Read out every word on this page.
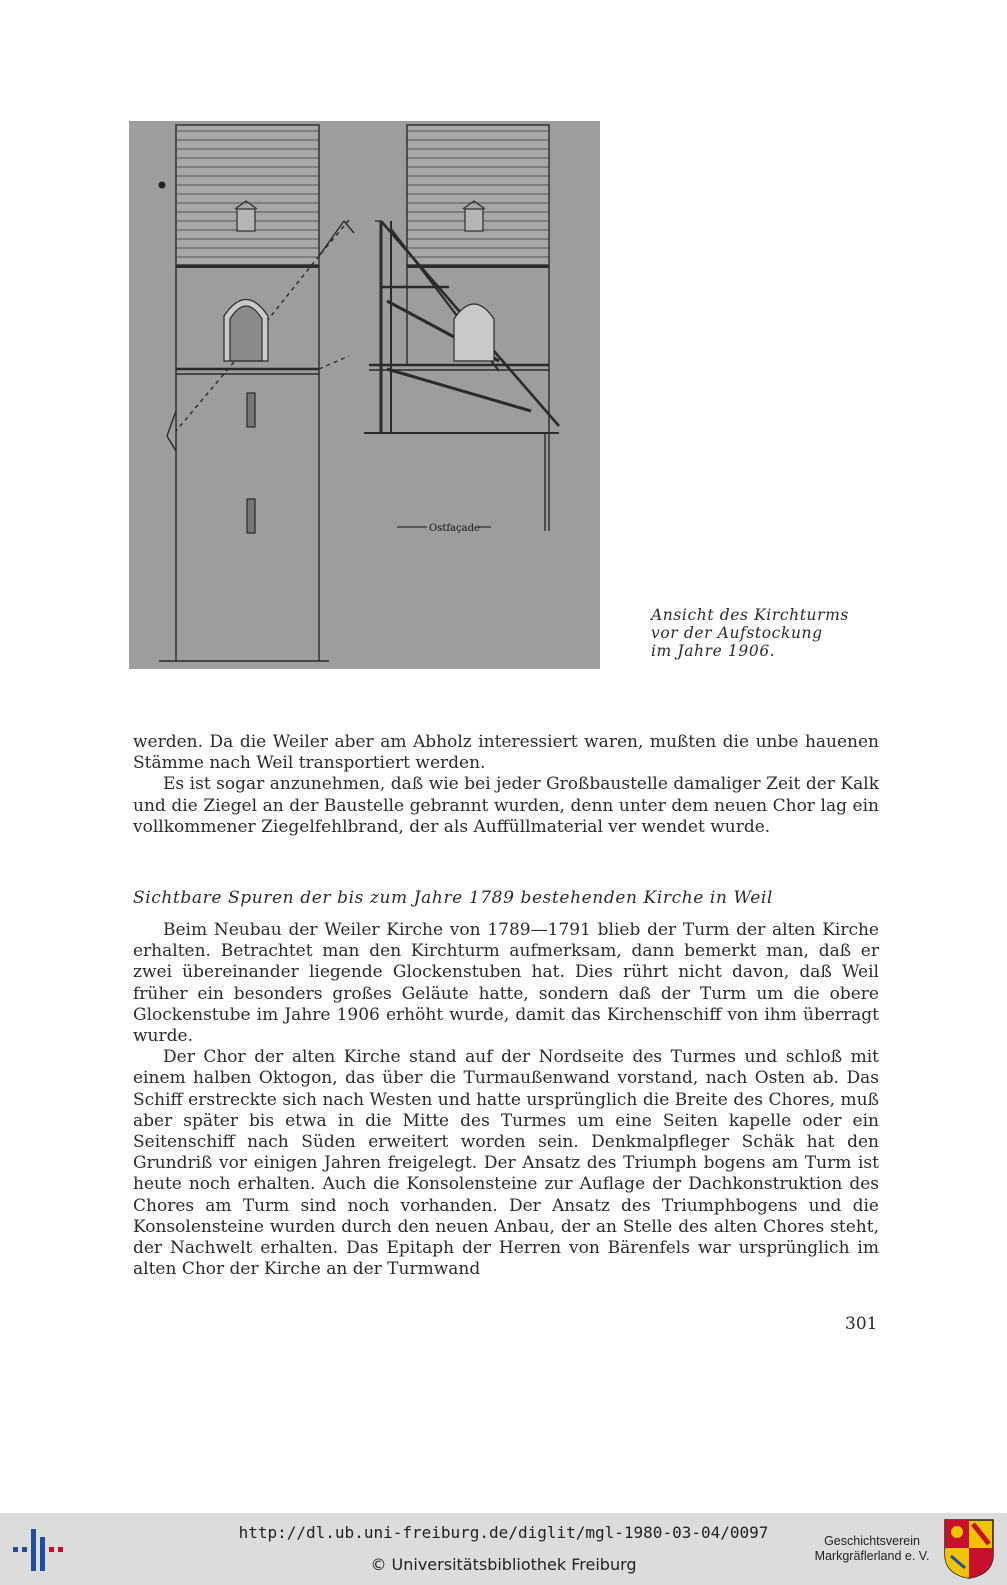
Ostfaçade
Ansicht des Kirchturms
vor der Aufstockung
im Jahre 1906.

werden. Da die Weiler aber am Abholz interessiert waren, mußten die unbe hauenen Stämme nach Weil transportiert werden.

Es ist sogar anzunehmen, daß wie bei jeder Großbaustelle damaliger Zeit der Kalk und die Ziegel an der Baustelle gebrannt wurden, denn unter dem neuen Chor lag ein vollkommener Ziegelfehlbrand, der als Auffüllmaterial ver wendet wurde.

Sichtbare Spuren der bis zum Jahre 1789 bestehenden Kirche in Weil

Beim Neubau der Weiler Kirche von 1789—1791 blieb der Turm der alten Kirche erhalten. Betrachtet man den Kirchturm aufmerksam, dann bemerkt man, daß er zwei übereinander liegende Glockenstuben hat. Dies rührt nicht davon, daß Weil früher ein besonders großes Geläute hatte, sondern daß der Turm um die obere Glockenstube im Jahre 1906 erhöht wurde, damit das Kirchenschiff von ihm überragt wurde.

Der Chor der alten Kirche stand auf der Nordseite des Turmes und schloß mit einem halben Oktogon, das über die Turmaußenwand vorstand, nach Osten ab. Das Schiff erstreckte sich nach Westen und hatte ursprünglich die Breite des Chores, muß aber später bis etwa in die Mitte des Turmes um eine Seiten kapelle oder ein Seitenschiff nach Süden erweitert worden sein. Denkmalpfleger Schäk hat den Grundriß vor einigen Jahren freigelegt. Der Ansatz des Triumph bogens am Turm ist heute noch erhalten. Auch die Konsolensteine zur Auflage der Dachkonstruktion des Chores am Turm sind noch vorhanden. Der Ansatz des Triumphbogens und die Konsolensteine wurden durch den neuen Anbau, der an Stelle des alten Chores steht, der Nachwelt erhalten. Das Epitaph der Herren von Bärenfels war ursprünglich im alten Chor der Kirche an der Turmwand

301
http://dl.ub.uni-freiburg.de/diglit/mgl-1980-03-04/0097
© Universitätsbibliothek Freiburg
Geschichtsverein
Markgräflerland e. V.
